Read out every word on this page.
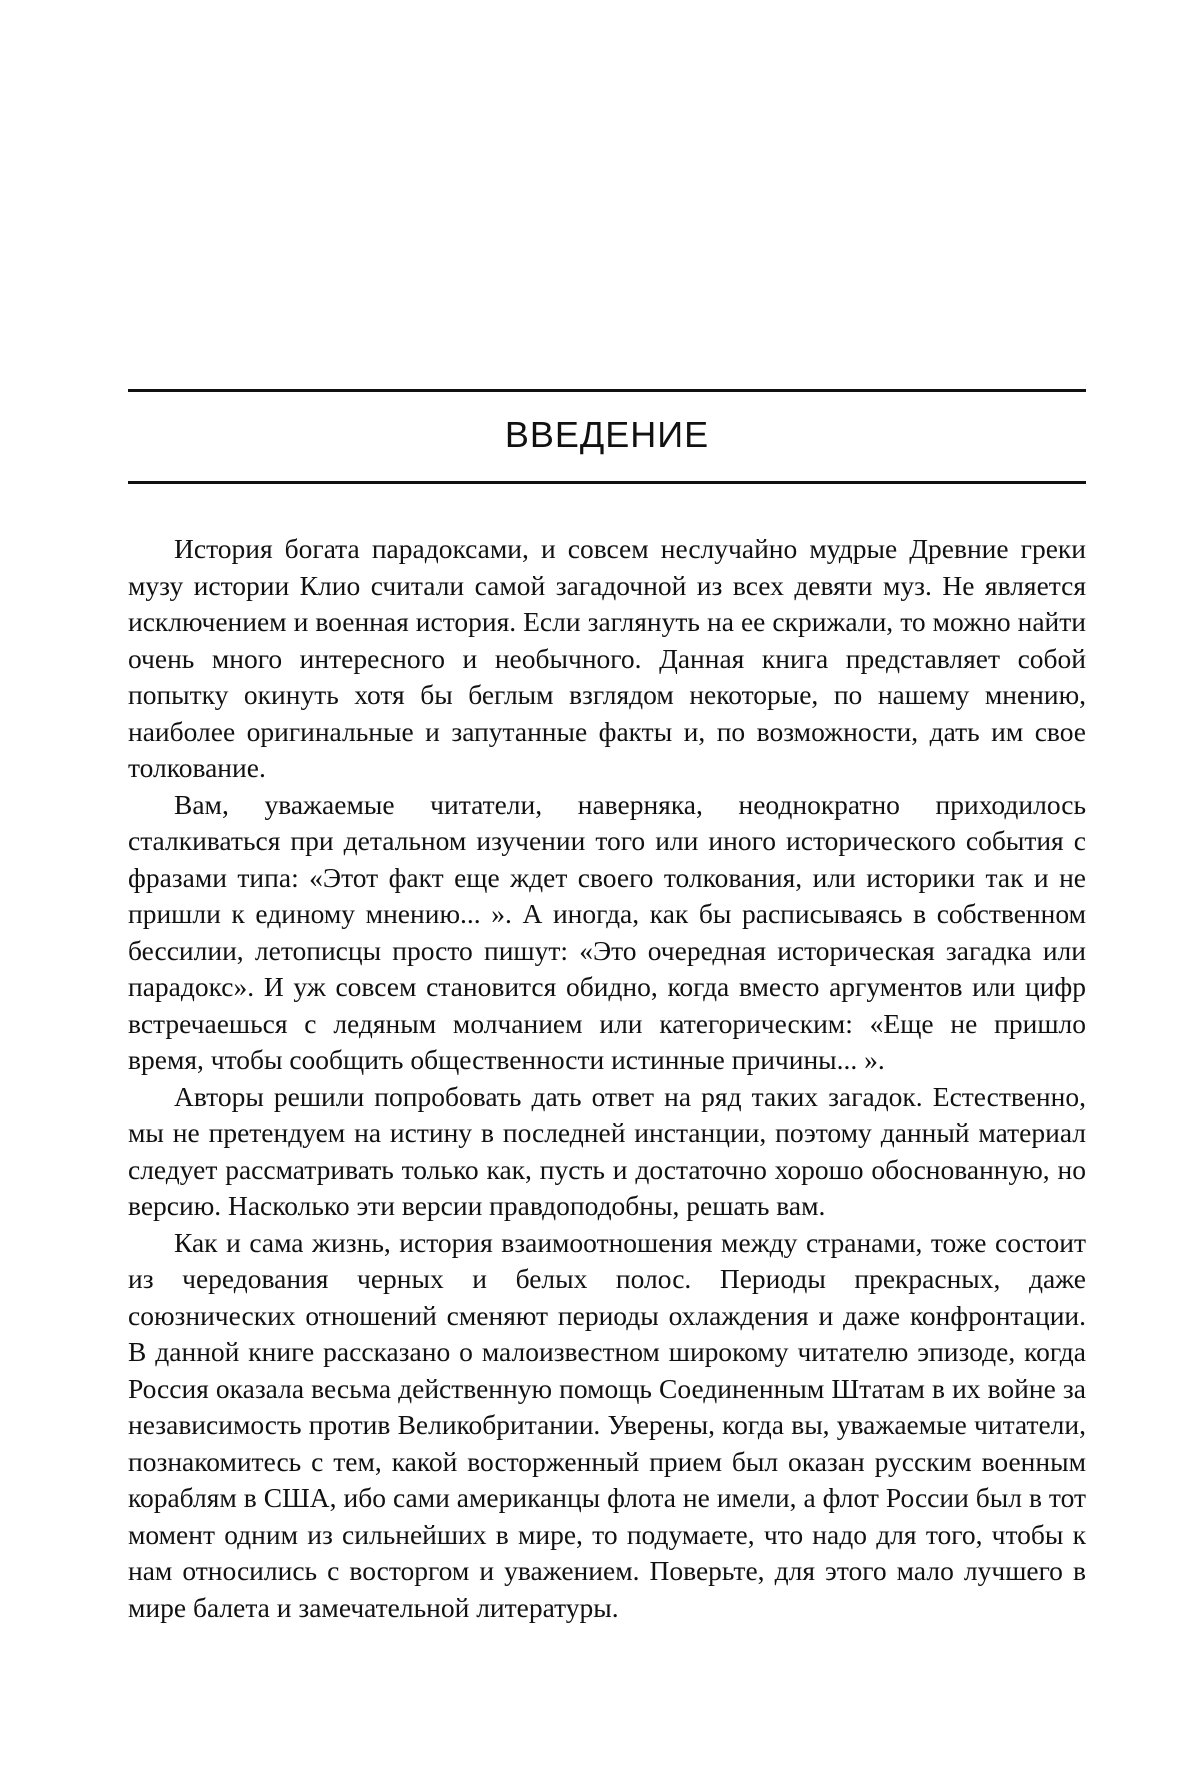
ВВЕДЕНИЕ

История богата парадоксами, и совсем неслучайно мудрые Древние греки музу истории Клио считали самой загадочной из всех девяти муз. Не является исключением и военная история. Если заглянуть на ее скрижали, то можно найти очень много интересного и необычного. Данная книга представляет собой попытку окинуть хотя бы беглым взглядом некоторые, по нашему мнению, наиболее оригинальные и запутанные факты и, по возможности, дать им свое толкование.

Вам, уважаемые читатели, наверняка, неоднократно приходилось сталкиваться при детальном изучении того или иного исторического события с фразами типа: «Этот факт еще ждет своего толкования, или историки так и не пришли к единому мнению... ». А иногда, как бы расписываясь в собственном бессилии, летописцы просто пишут: «Это очередная историческая загадка или парадокс». И уж совсем становится обидно, когда вместо аргументов или цифр встречаешься с ледяным молчанием или категорическим: «Еще не пришло время, чтобы сообщить общественности истинные причины... ».

Авторы решили попробовать дать ответ на ряд таких загадок. Естественно, мы не претендуем на истину в последней инстанции, поэтому данный материал следует рассматривать только как, пусть и достаточно хорошо обоснованную, но версию. Насколько эти версии правдоподобны, решать вам.

Как и сама жизнь, история взаимоотношения между странами, тоже состоит из чередования черных и белых полос. Периоды прекрасных, даже союзнических отношений сменяют периоды охлаждения и даже конфронтации. В данной книге рассказано о малоизвестном широкому читателю эпизоде, когда Россия оказала весьма действенную помощь Соединенным Штатам в их войне за независимость против Великобритании. Уверены, когда вы, уважаемые читатели, познакомитесь с тем, какой восторженный прием был оказан русским военным кораблям в США, ибо сами американцы флота не имели, а флот России был в тот момент одним из сильнейших в мире, то подумаете, что надо для того, чтобы к нам относились с восторгом и уважением. Поверьте, для этого мало лучшего в мире балета и замечательной литературы.
